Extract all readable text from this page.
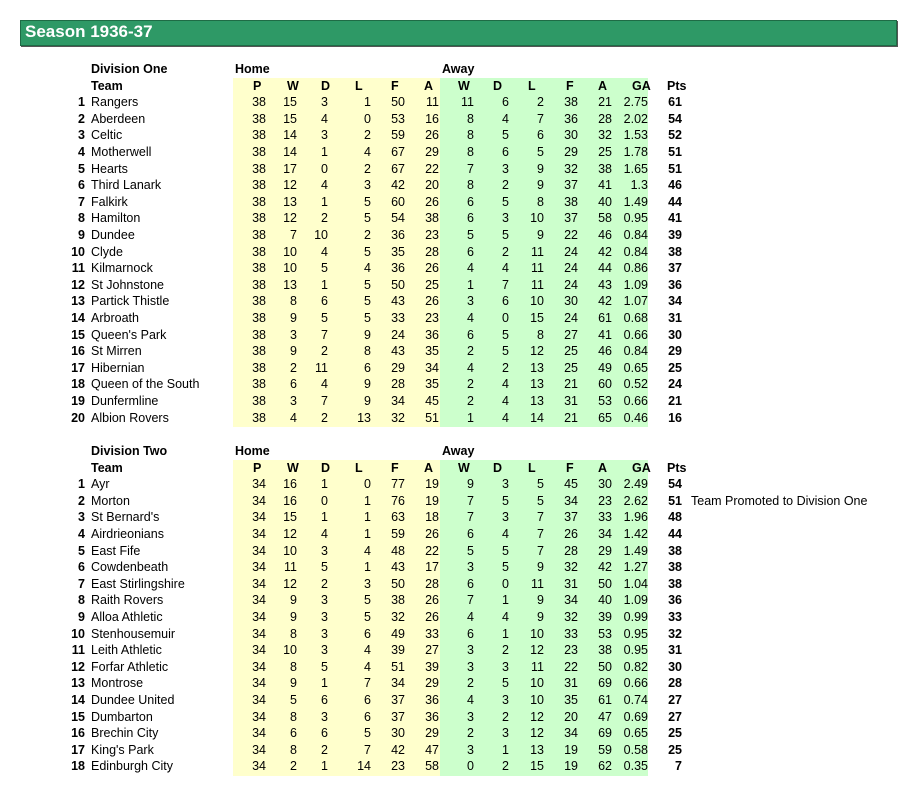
Season 1936-37
Division One	Home	Away
Team	P W D L F A W D L F A GA Pts
1 Rangers	38 15 3	1 50 11 11 6 2 38 21 2.75 61
2 Aberdeen	38 15 4	0 53 16 8 4 7 36 28 2.02 54
3 Celtic	38 14 3	2 59 26 8 5 6 30 32 1.53 52
4 Motherwell	38 14 1	4 67 29 8 6 5 29 25 1.78 51
5 Hearts	38 17 0	2 67 22 7 3 9 32 38 1.65 51
6 Third Lanark	38 12 4	3 42 20 8 2 9 37 41 1.3 46
7 Falkirk	38 13 1	5 60 26 6 5 8 38 40 1.49 44
8 Hamilton	38 12 2	5 54 38 6 3 10 37 58 0.95 41
9 Dundee	38 7 10	2 36 23 5 5 9 22 46 0.84 39
10 Clyde	38 10 4	5 35 28 6 2 11 24 42 0.84 38
11 Kilmarnock	38 10 5	4 36 26 4 4 11 24 44 0.86 37
12 St Johnstone	38 13 1	5 50 25 1 7 11 24 43 1.09 36
13 Partick Thistle	38 8 6	5 43 26 3 6 10 30 42 1.07 34
14 Arbroath	38 9 5	5 33 23 4 0 15 24 61 0.68 31
15 Queen's Park	38 3 7	9 24 36 6 5 8 27 41 0.66 30
16 St Mirren	38 9 2	8 43 35 2 5 12 25 46 0.84 29
17 Hibernian	38 2 11	6 29 34 4 2 13 25 49 0.65 25
18 Queen of the South	38 6 4	9 28 35 2 4 13 21 60 0.52 24
19 Dunfermline	38 3 7	9 34 45 2 4 13 31 53 0.66 21
20 Albion Rovers	38 4 2 13 32 51 1 4 14 21 65 0.46 16
Division Two	Home	Away
Team	P W D L F A W D L F A GA Pts
1 Ayr	34 16 1	0 77 19 9 3 5 45 30 2.49 54
2 Morton	34 16 0	1 76 19 7 5 5 34 23 2.62 51 Team Promoted to Division One
3 St Bernard's	34 15 1	1 63 18 7 3 7 37 33 1.96 48
4 Airdrieonians	34 12 4	1 59 26 6 4 7 26 34 1.42 44
5 East Fife	34 10 3	4 48 22 5 5 7 28 29 1.49 38
6 Cowdenbeath	34 11 5	1 43 17 3 5 9 32 42 1.27 38
7 East Stirlingshire	34 12 2	3 50 28 6 0 11 31 50 1.04 38
8 Raith Rovers	34 9 3	5 38 26 7 1 9 34 40 1.09 36
9 Alloa Athletic	34 9 3	5 32 26 4 4 9 32 39 0.99 33
10 Stenhousemuir	34 8 3	6 49 33 6 1 10 33 53 0.95 32
11 Leith Athletic	34 10 3	4 39 27 3 2 12 23 38 0.95 31
12 Forfar Athletic	34 8 5	4 51 39 3 3 11 22 50 0.82 30
13 Montrose	34 9 1	7 34 29 2 5 10 31 69 0.66 28
14 Dundee United	34 5 6	6 37 36 4 3 10 35 61 0.74 27
15 Dumbarton	34 8 3	6 37 36 3 2 12 20 47 0.69 27
16 Brechin City	34 6 6	5 30 29 2 3 12 34 69 0.65 25
17 King's Park	34 8 2	7 42 47 3 1 13 19 59 0.58 25
18 Edinburgh City	34 2 1 14 23 58 0 2 15 19 62 0.35 7
